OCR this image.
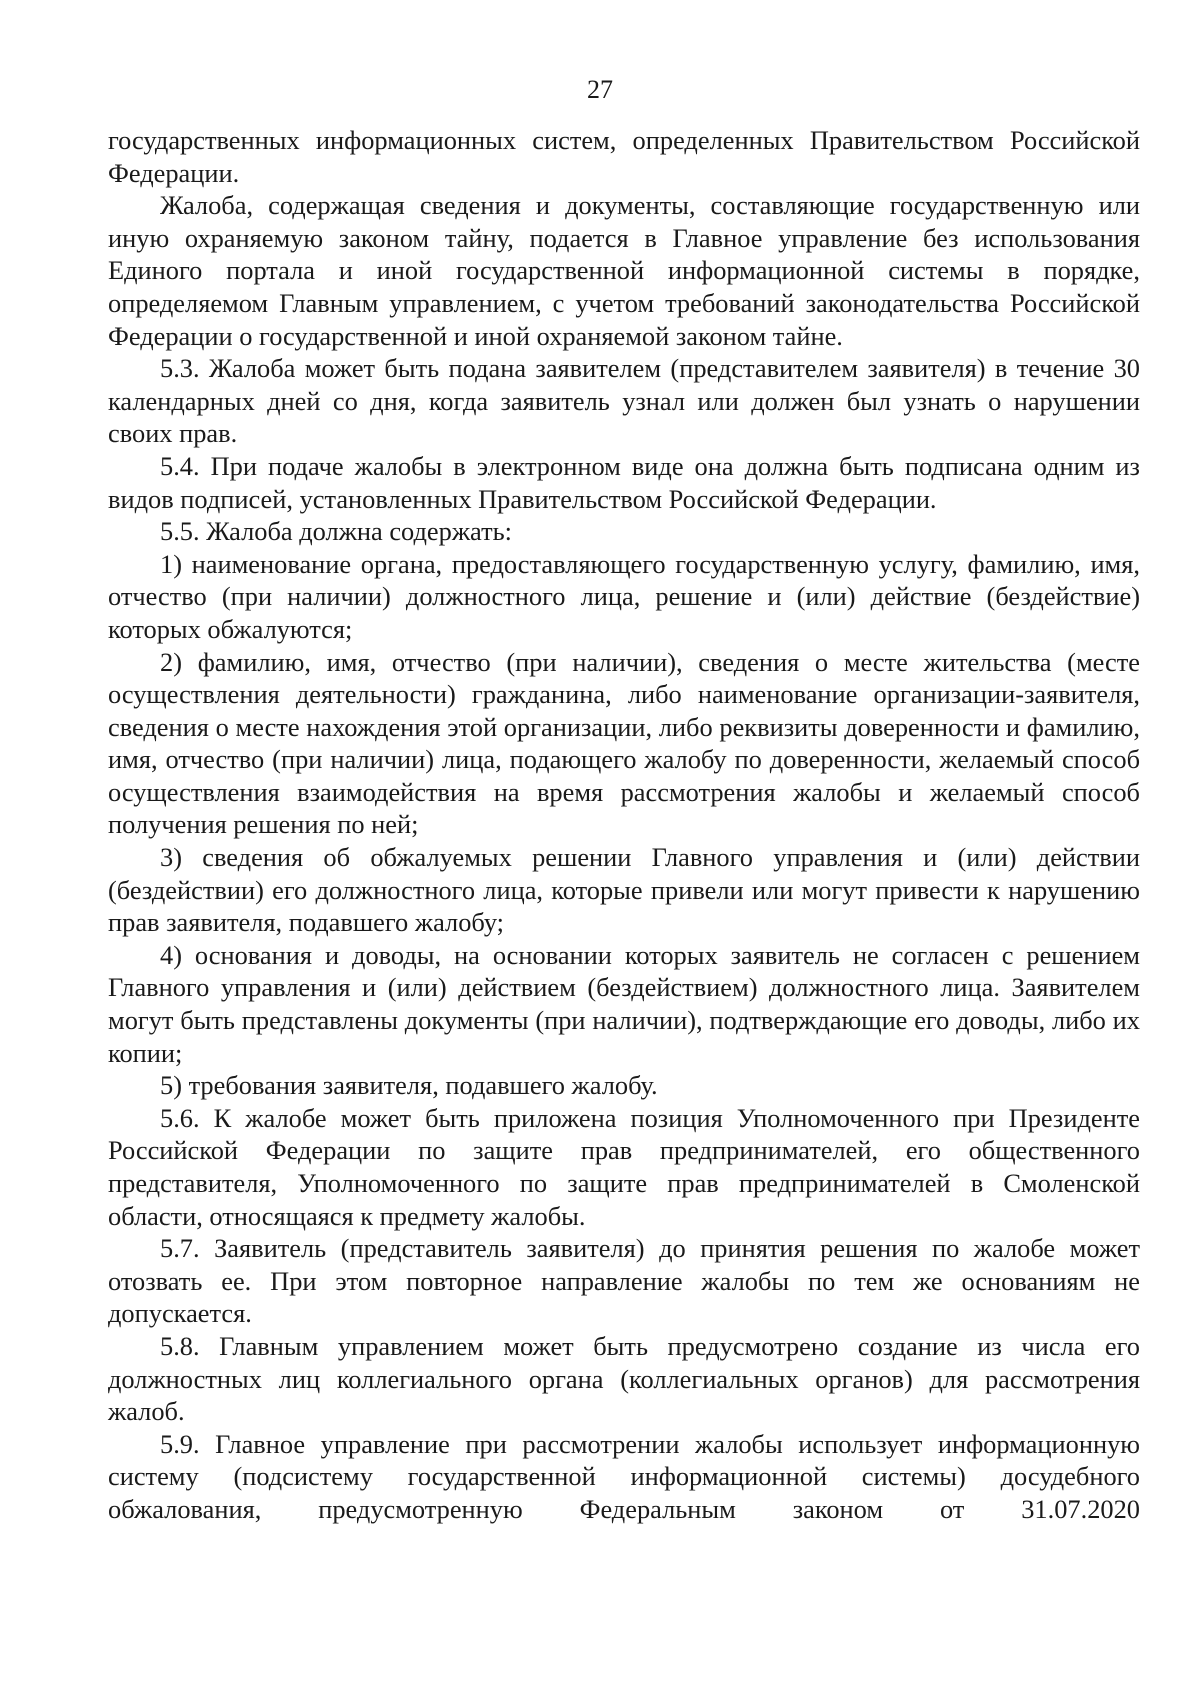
27

государственных информационных систем, определенных Правительством Российской Федерации.

Жалоба, содержащая сведения и документы, составляющие государственную или иную охраняемую законом тайну, подается в Главное управление без использования Единого портала и иной государственной информационной системы в порядке, определяемом Главным управлением, с учетом требований законодательства Российской Федерации о государственной и иной охраняемой законом тайне.

5.3. Жалоба может быть подана заявителем (представителем заявителя) в течение 30 календарных дней со дня, когда заявитель узнал или должен был узнать о нарушении своих прав.

5.4. При подаче жалобы в электронном виде она должна быть подписана одним из видов подписей, установленных Правительством Российской Федерации.

5.5. Жалоба должна содержать:

1) наименование органа, предоставляющего государственную услугу, фамилию, имя, отчество (при наличии) должностного лица, решение и (или) действие (бездействие) которых обжалуются;

2) фамилию, имя, отчество (при наличии), сведения о месте жительства (месте осуществления деятельности) гражданина, либо наименование организации-заявителя, сведения о месте нахождения этой организации, либо реквизиты доверенности и фамилию, имя, отчество (при наличии) лица, подающего жалобу по доверенности, желаемый способ осуществления взаимодействия на время рассмотрения жалобы и желаемый способ получения решения по ней;

3) сведения об обжалуемых решении Главного управления и (или) действии (бездействии) его должностного лица, которые привели или могут привести к нарушению прав заявителя, подавшего жалобу;

4) основания и доводы, на основании которых заявитель не согласен с решением Главного управления и (или) действием (бездействием) должностного лица. Заявителем могут быть представлены документы (при наличии), подтверждающие его доводы, либо их копии;

5) требования заявителя, подавшего жалобу.

5.6. К жалобе может быть приложена позиция Уполномоченного при Президенте Российской Федерации по защите прав предпринимателей, его общественного представителя, Уполномоченного по защите прав предпринимателей в Смоленской области, относящаяся к предмету жалобы.

5.7. Заявитель (представитель заявителя) до принятия решения по жалобе может отозвать ее. При этом повторное направление жалобы по тем же основаниям не допускается.

5.8. Главным управлением может быть предусмотрено создание из числа его должностных лиц коллегиального органа (коллегиальных органов) для рассмотрения жалоб.

5.9. Главное управление при рассмотрении жалобы использует информационную систему (подсистему государственной информационной системы) досудебного обжалования, предусмотренную Федеральным законом от 31.07.2020
